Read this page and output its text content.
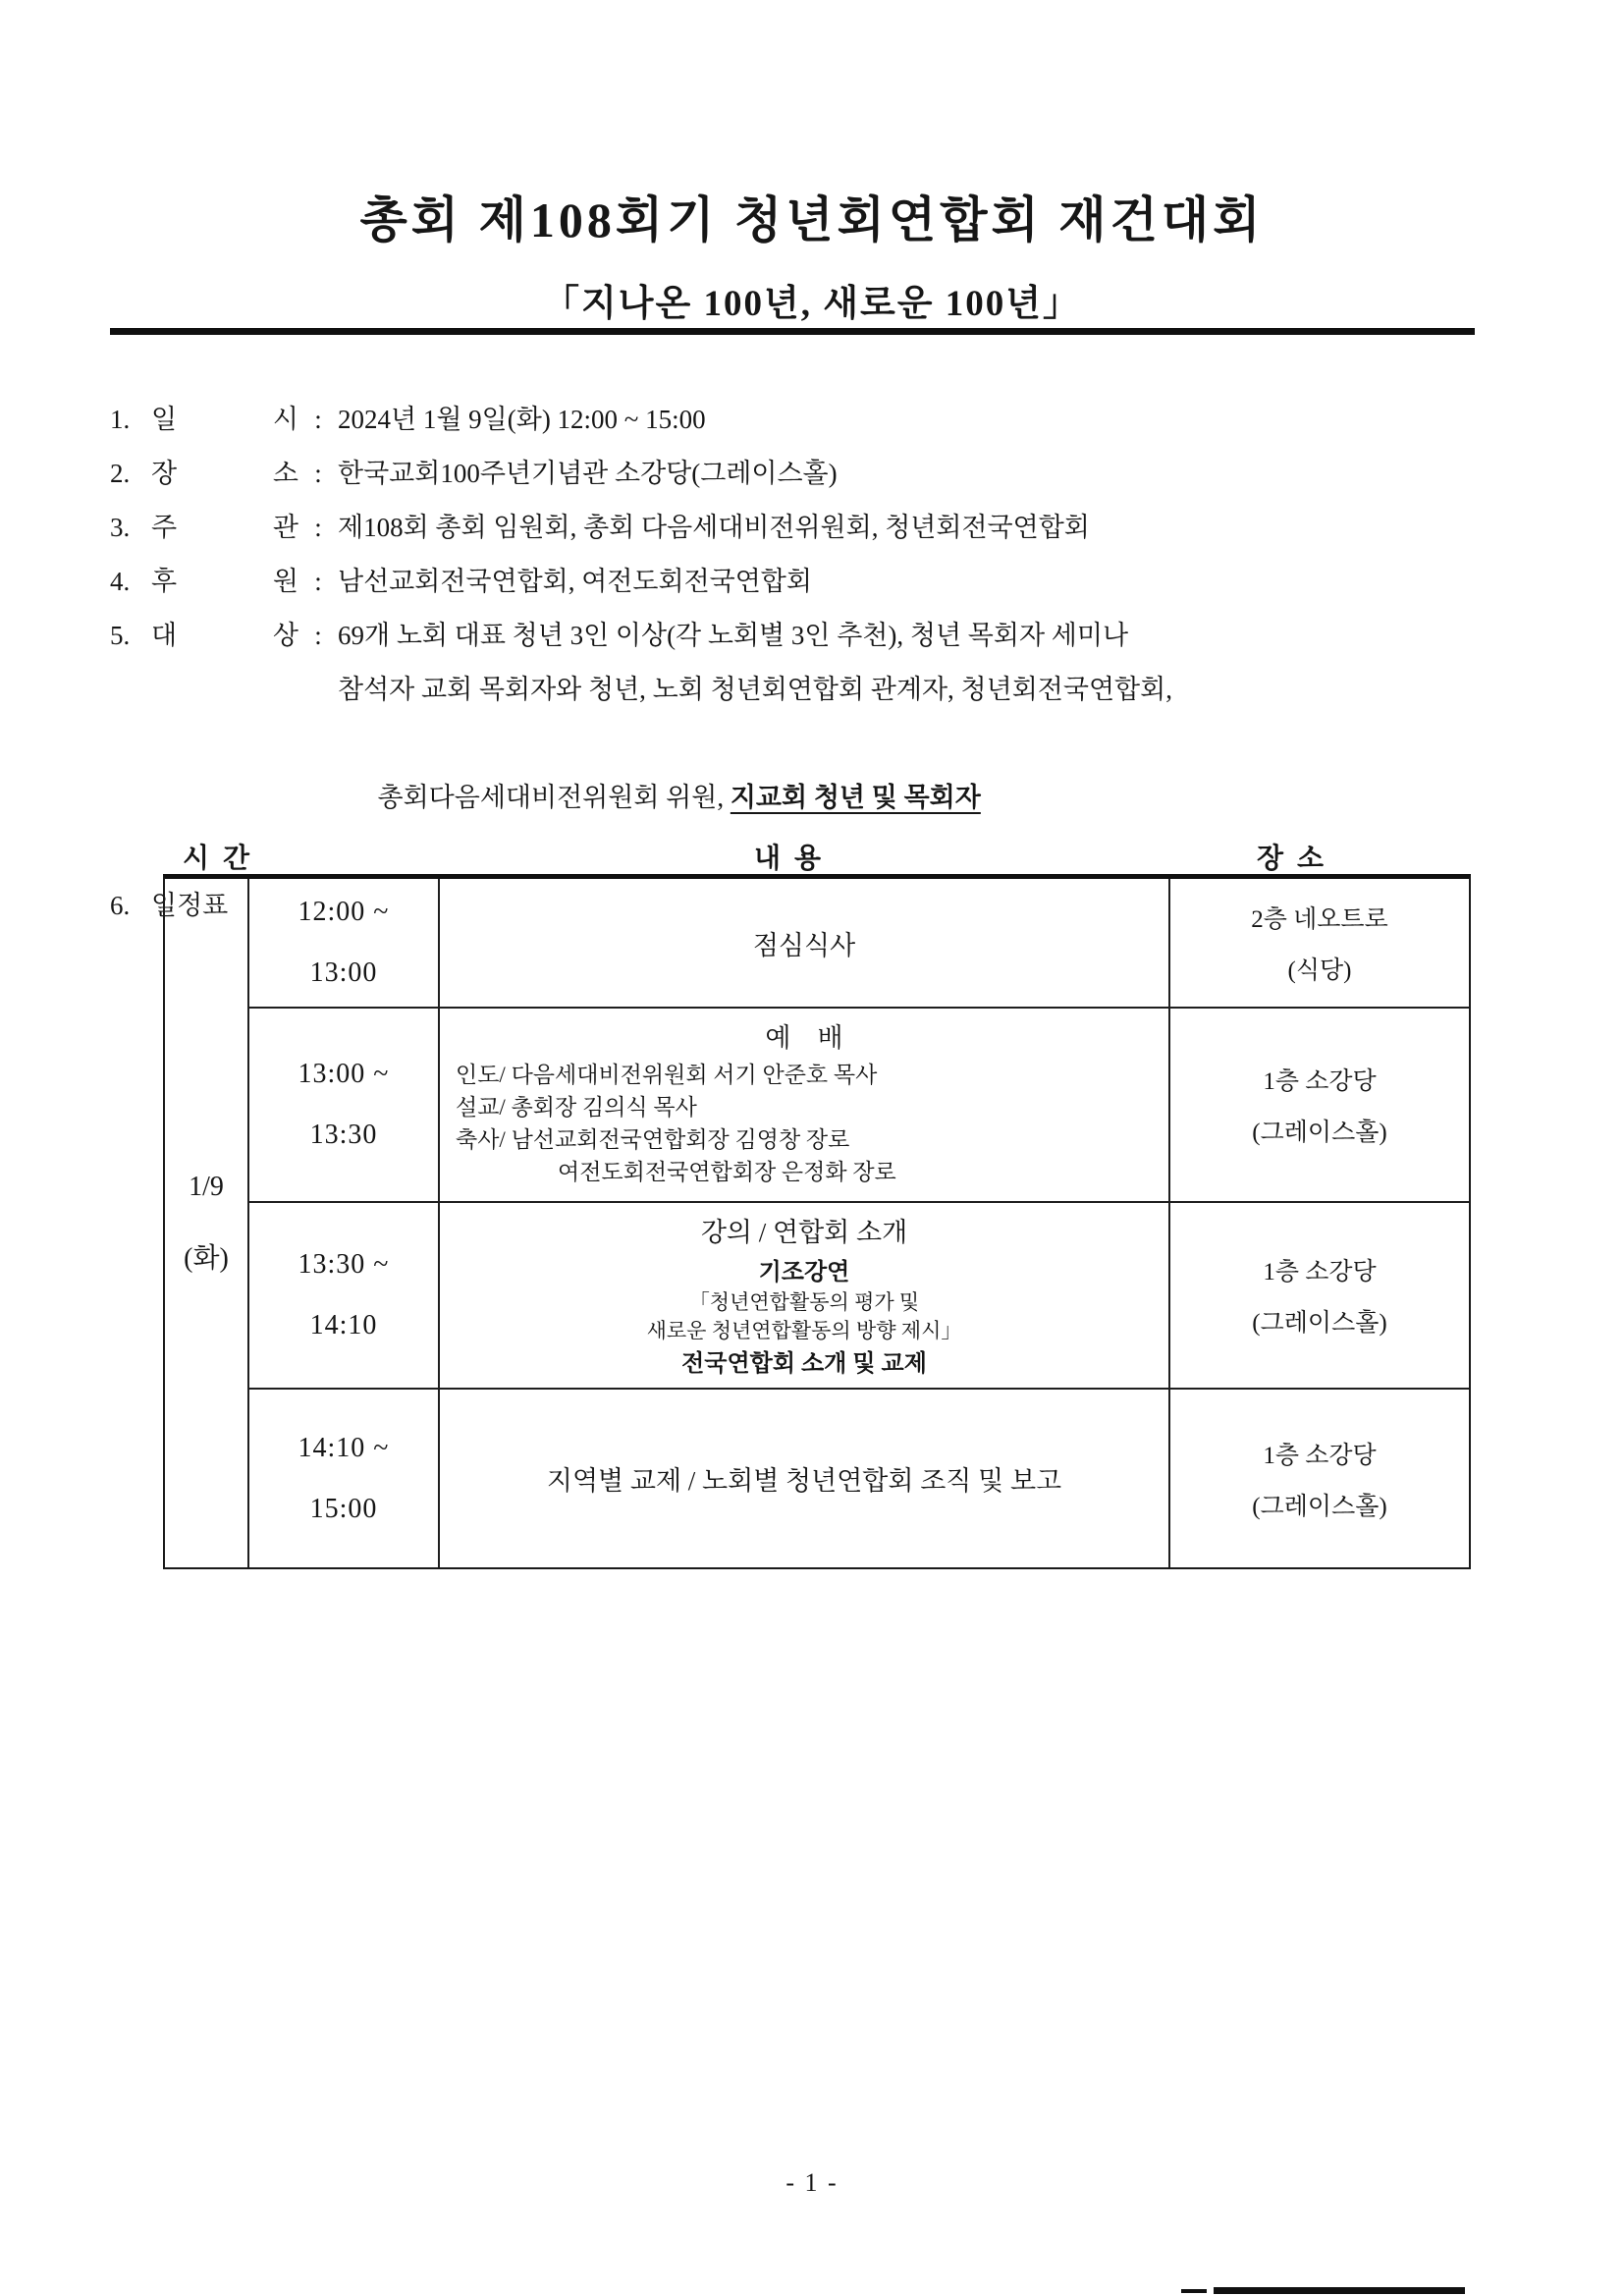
총회 제108회기 청년회연합회 재건대회
「지나온 100년, 새로운 100년」
1. 일 시 : 2024년 1월 9일(화) 12:00 ~ 15:00
2. 장 소 : 한국교회100주년기념관 소강당(그레이스홀)
3. 주 관 : 제108회 총회 임원회, 총회 다음세대비전위원회, 청년회전국연합회
4. 후 원 : 남선교회전국연합회, 여전도회전국연합회
5. 대 상 : 69개 노회 대표 청년 3인 이상(각 노회별 3인 추천), 청년 목회자 세미나
참석자 교회 목회자와 청년, 노회 청년회연합회 관계자, 청년회전국연합회,

총회다음세대비전위원회 위원, 지교회 청년 및 목회자

6. 일정표
시  간	내  용	장  소
1/9
(화)
12:00 ~
13:00
점심식사
2층 네오트로
(식당)
13:00 ~
13:30
예    배
인도/ 다음세대비전위원회 서기 안준호 목사
설교/ 총회장 김의식 목사
축사/ 남선교회전국연합회장 김영창 장로
여전도회전국연합회장 은정화 장로
1층 소강당
(그레이스홀)
13:30 ~
14:10
강의 / 연합회 소개
기조강연
「청년연합활동의 평가 및
새로운 청년연합활동의 방향 제시」
전국연합회 소개 및 교제
1층 소강당
(그레이스홀)
14:10 ~
15:00
지역별 교제 / 노회별 청년연합회 조직 및 보고
1층 소강당
(그레이스홀)
- 1 -
